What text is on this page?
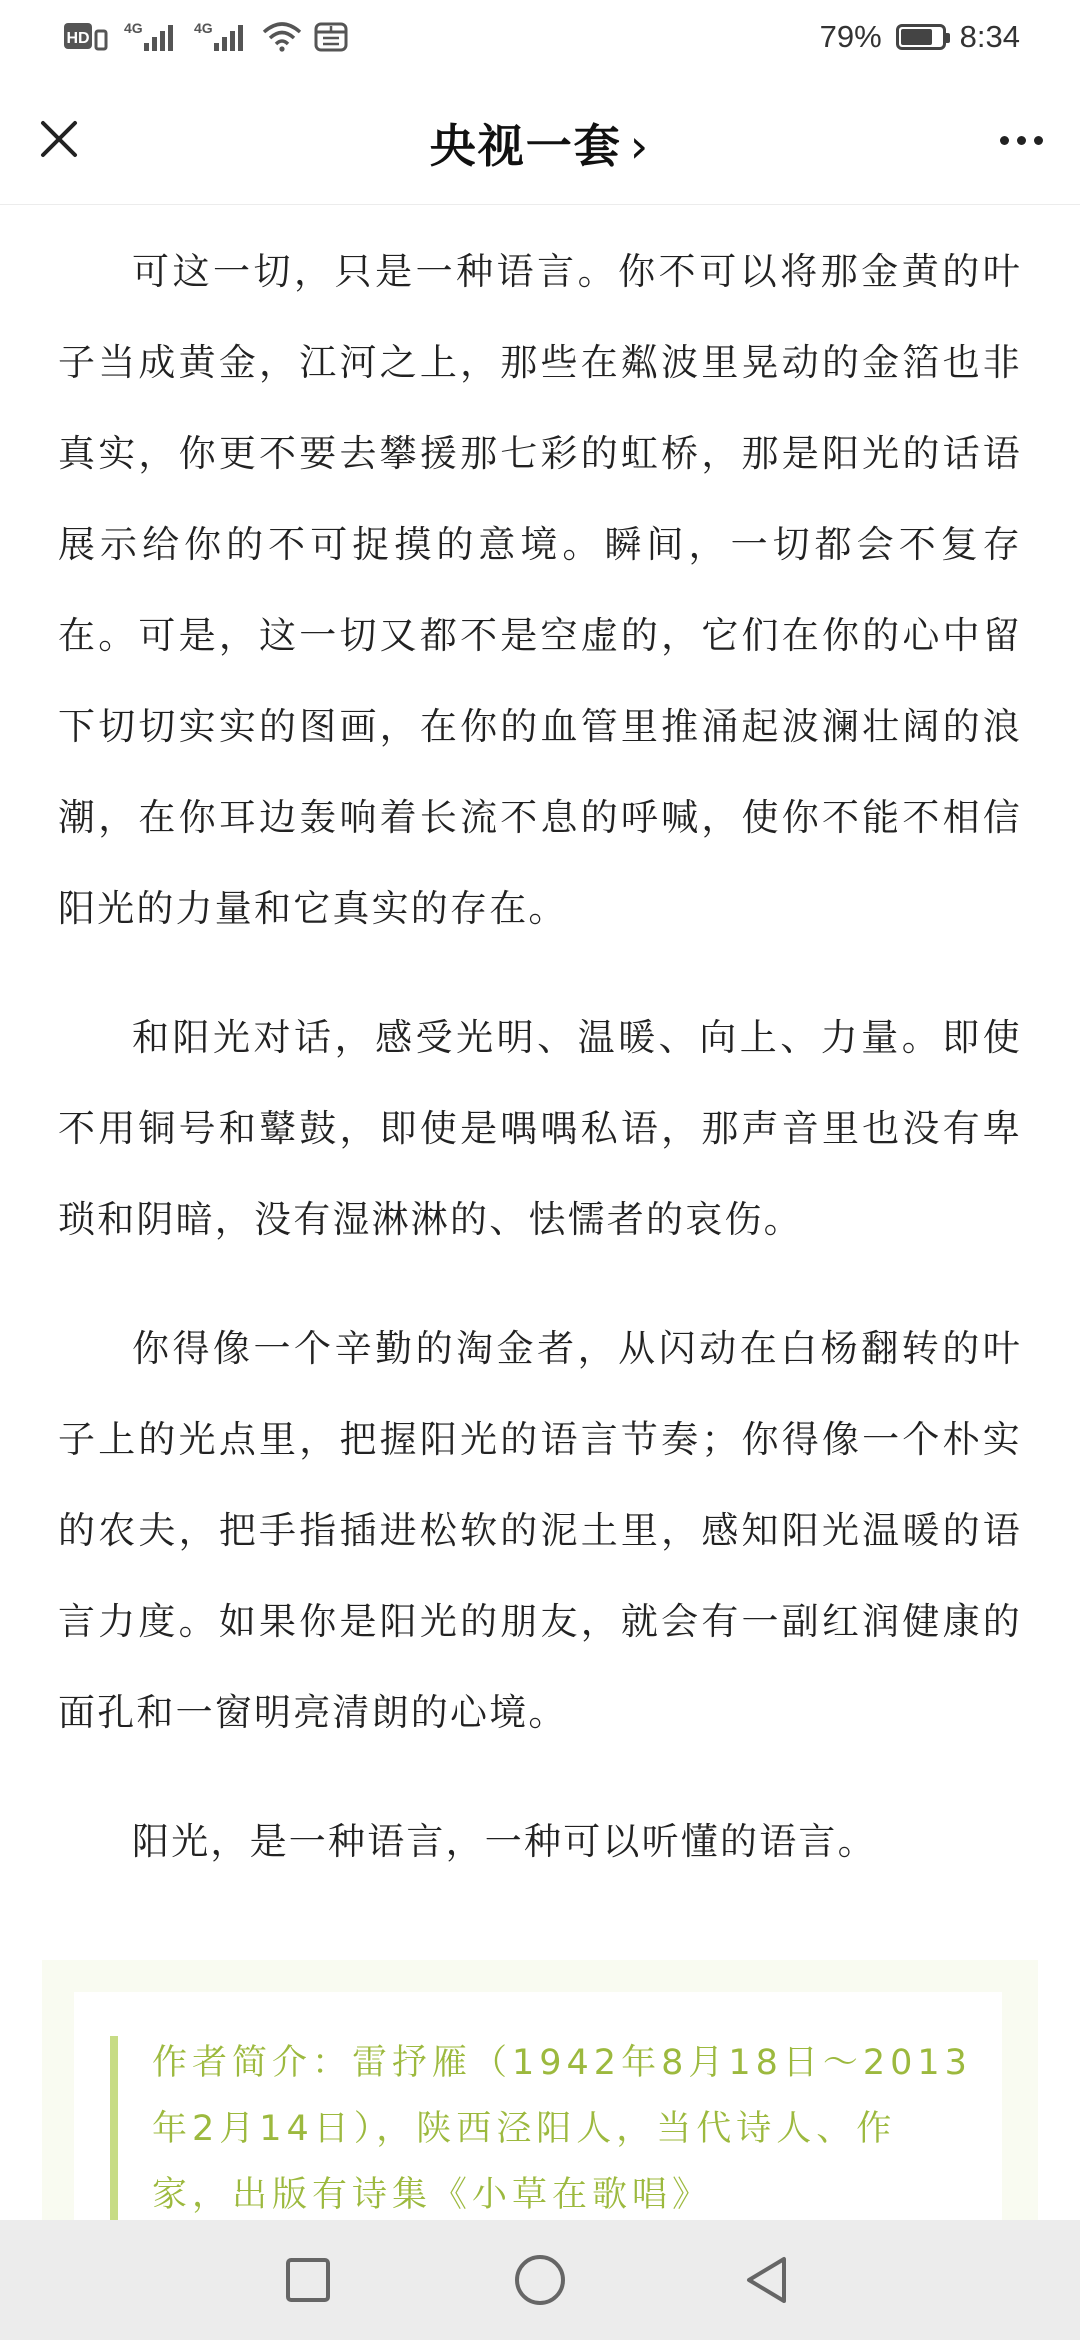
HD
4G	4G	79%	8:34
央视一套 ›

可这一切，只是一种语言。你不可以将那金黄的叶子当成黄金，江河之上，那些在粼波里晃动的金箔也非真实，你更不要去攀援那七彩的虹桥，那是阳光的话语展示给你的不可捉摸的意境。瞬间，一切都会不复存在。可是，这一切又都不是空虚的，它们在你的心中留下切切实实的图画，在你的血管里推涌起波澜壮阔的浪潮，在你耳边轰响着长流不息的呼喊，使你不能不相信阳光的力量和它真实的存在。

和阳光对话，感受光明、温暖、向上、力量。即使不用铜号和鼙鼓，即使是喁喁私语，那声音里也没有卑琐和阴暗，没有湿淋淋的、怯懦者的哀伤。

你得像一个辛勤的淘金者，从闪动在白杨翻转的叶子上的光点里，把握阳光的语言节奏；你得像一个朴实的农夫，把手指插进松软的泥土里，感知阳光温暖的语言力度。如果你是阳光的朋友，就会有一副红润健康的面孔和一窗明亮清朗的心境。

阳光，是一种语言，一种可以听懂的语言。

作者简介：雷抒雁（1942年8月18日～2013年2月14日），陕西泾阳人，当代诗人、作家，出版有诗集《小草在歌唱》
